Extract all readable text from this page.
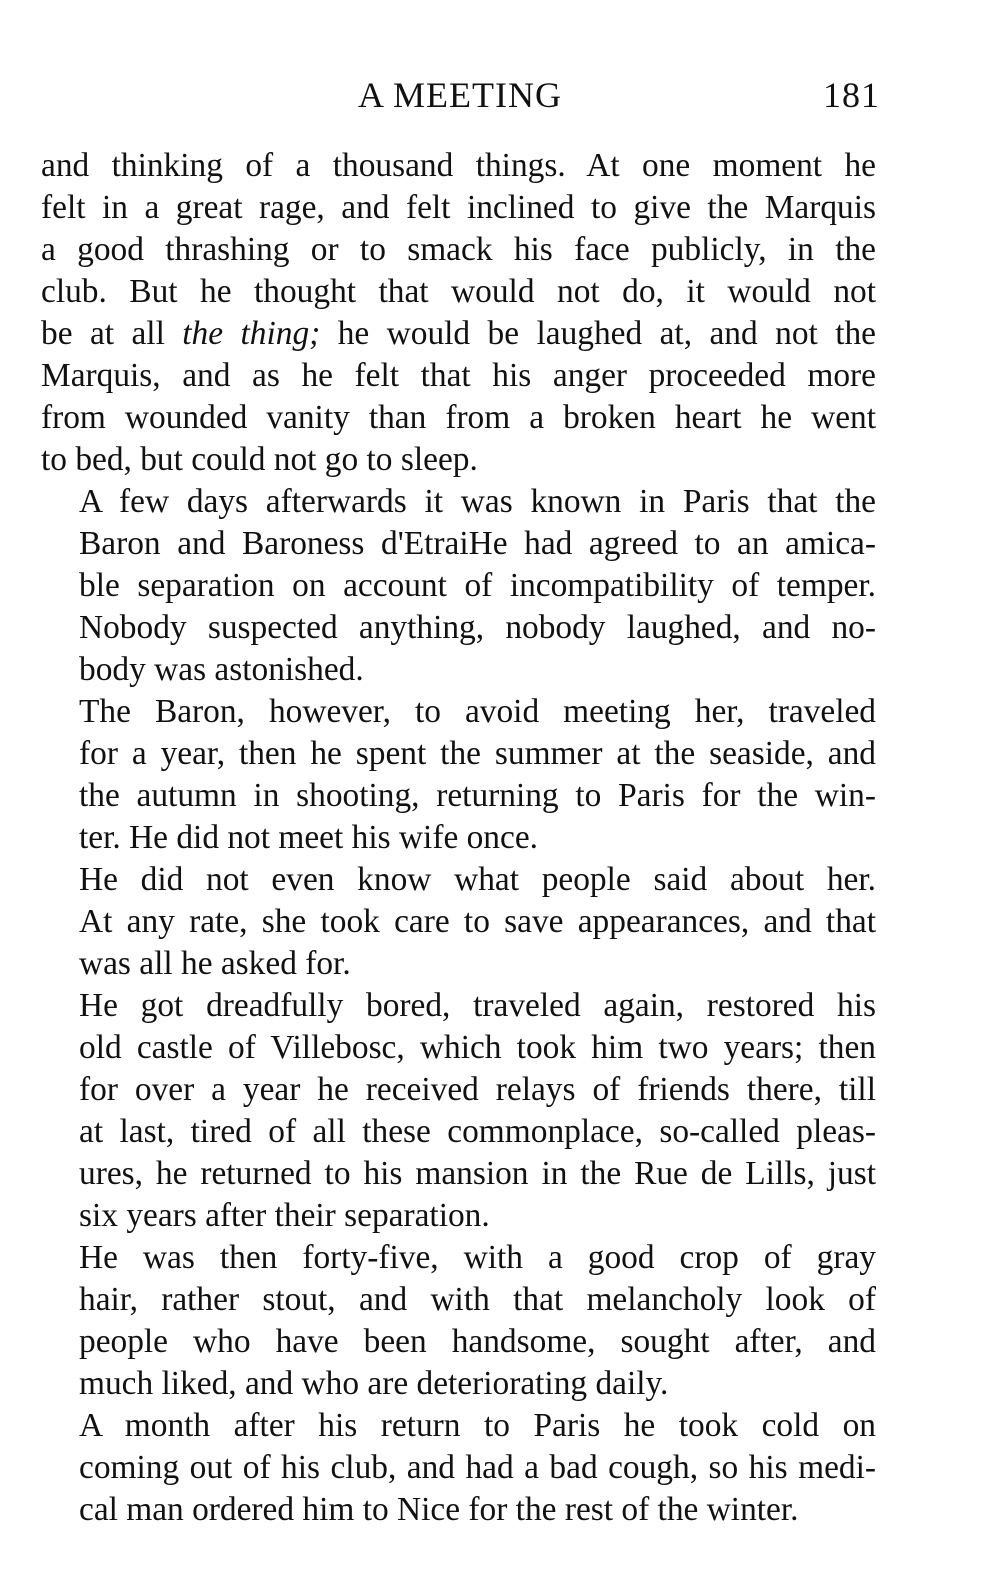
A MEETING	181

and thinking of a thousand things. At one moment he
felt in a great rage, and felt inclined to give the Marquis
a good thrashing or to smack his face publicly, in the
club. But he thought that would not do, it would not
be at all the thing; he would be laughed at, and not the
Marquis, and as he felt that his anger proceeded more
from wounded vanity than from a broken heart he went
to bed, but could not go to sleep.

A few days afterwards it was known in Paris that the
Baron and Baroness d'EtraiHe had agreed to an amica-
ble separation on account of incompatibility of temper.
Nobody suspected anything, nobody laughed, and no-
body was astonished.

The Baron, however, to avoid meeting her, traveled
for a year, then he spent the summer at the seaside, and
the autumn in shooting, returning to Paris for the win-
ter. He did not meet his wife once.

He did not even know what people said about her.
At any rate, she took care to save appearances, and that
was all he asked for.

He got dreadfully bored, traveled again, restored his
old castle of Villebosc, which took him two years; then
for over a year he received relays of friends there, till
at last, tired of all these commonplace, so-called pleas-
ures, he returned to his mansion in the Rue de Lills, just
six years after their separation.

He was then forty-five, with a good crop of gray
hair, rather stout, and with that melancholy look of
people who have been handsome, sought after, and
much liked, and who are deteriorating daily.

A month after his return to Paris he took cold on
coming out of his club, and had a bad cough, so his medi-
cal man ordered him to Nice for the rest of the winter.
